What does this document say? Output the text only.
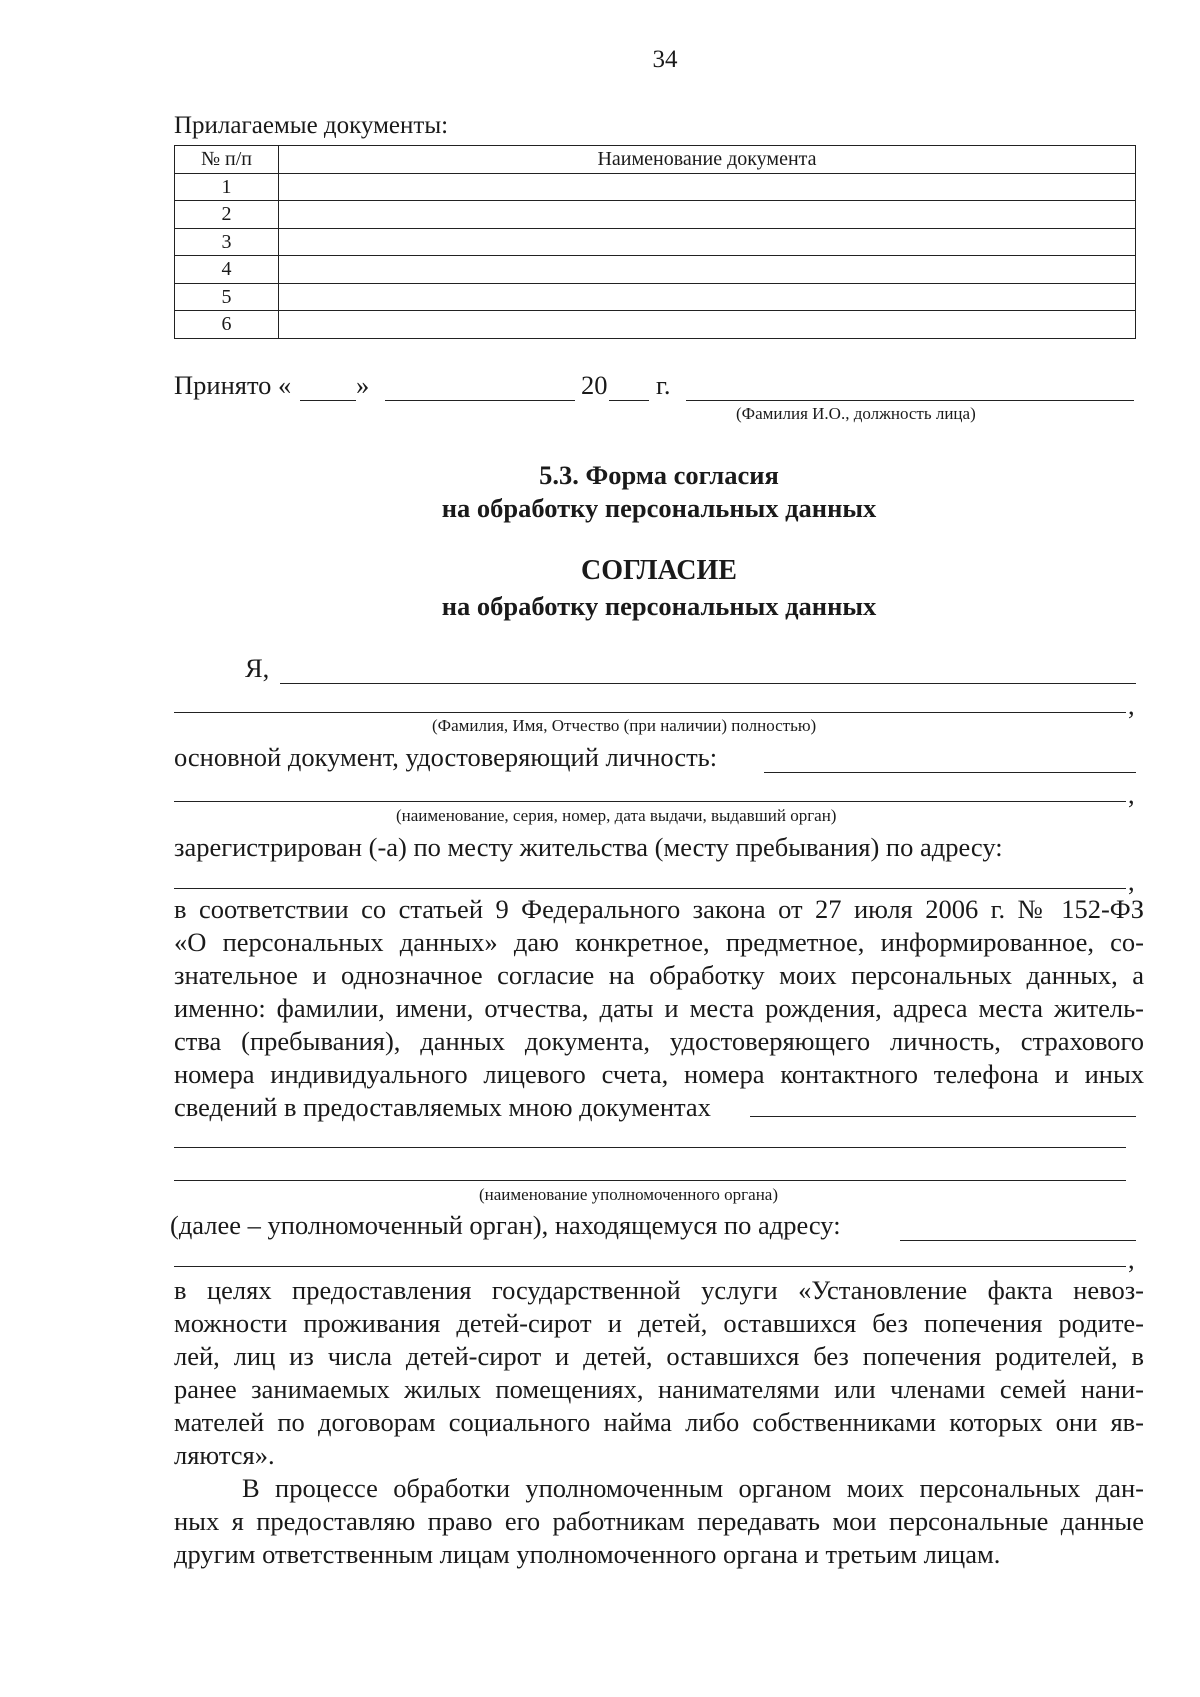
34
Прилагаемые документы:
№ п/п	Наименование документа
1	
2	
3	
4	
5	
6	
Принято « »	20 г.
(Фамилия И.О., должность лица)
5.3. Форма согласия
на обработку персональных данных
СОГЛАСИЕ
на обработку персональных данных
Я,
,
(Фамилия, Имя, Отчество (при наличии) полностью)
основной документ, удостоверяющий личность:
,
(наименование, серия, номер, дата выдачи, выдавший орган)
зарегистрирован (-а) по месту жительства (месту пребывания) по адресу:
,
в соответствии со статьей 9 Федерального закона от 27 июля 2006 г. № 152-ФЗ
«О персональных данных» даю конкретное, предметное, информированное, со-
знательное и однозначное согласие на обработку моих персональных данных, а
именно: фамилии, имени, отчества, даты и места рождения, адреса места житель-
ства (пребывания), данных документа, удостоверяющего личность, страхового
номера индивидуального лицевого счета, номера контактного телефона и иных
сведений в предоставляемых мною документах
(наименование уполномоченного органа)
(далее – уполномоченный орган), находящемуся по адресу:
,
в целях предоставления государственной услуги «Установление факта невоз-
можности проживания детей-сирот и детей, оставшихся без попечения родите-
лей, лиц из числа детей-сирот и детей, оставшихся без попечения родителей, в
ранее занимаемых жилых помещениях, нанимателями или членами семей нани-
мателей по договорам социального найма либо собственниками которых они яв-
ляются».
В процессе обработки уполномоченным органом моих персональных дан-
ных я предоставляю право его работникам передавать мои персональные данные
другим ответственным лицам уполномоченного органа и третьим лицам.
